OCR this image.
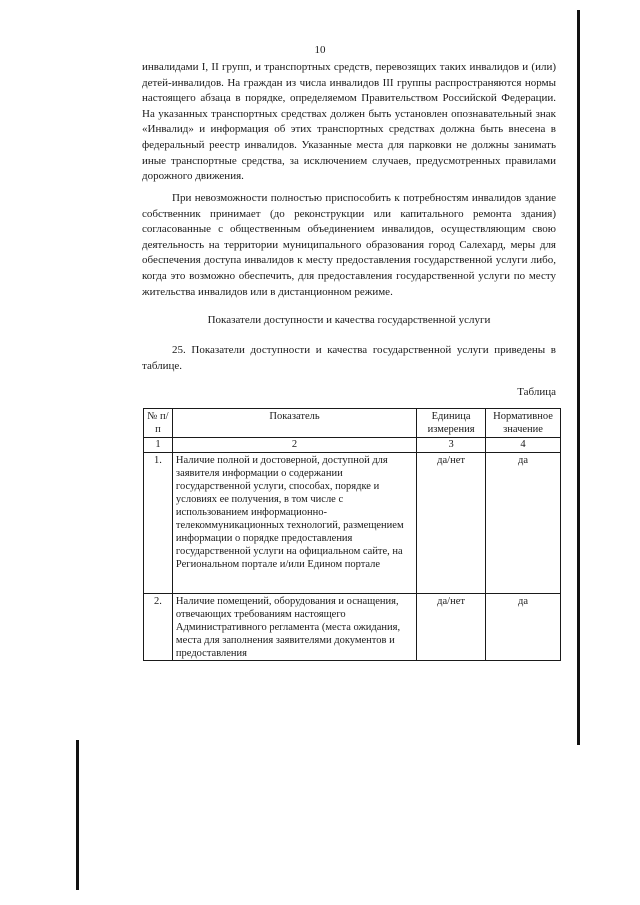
10

инвалидами I, II групп, и транспортных средств, перевозящих таких инвалидов и (или) детей-инвалидов. На граждан из числа инвалидов III группы распространяются нормы настоящего абзаца в порядке, определяемом Правительством Российской Федерации. На указанных транспортных средствах должен быть установлен опознавательный знак «Инвалид» и информация об этих транспортных средствах должна быть внесена в федеральный реестр инвалидов. Указанные места для парковки не должны занимать иные транспортные средства, за исключением случаев, предусмотренных правилами дорожного движения.

При невозможности полностью приспособить к потребностям инвалидов здание собственник принимает (до реконструкции или капитального ремонта здания) согласованные с общественным объединением инвалидов, осуществляющим свою деятельность на территории муниципального образования город Салехард, меры для обеспечения доступа инвалидов к месту предоставления государственной услуги либо, когда это возможно обеспечить, для предоставления государственной услуги по месту жительства инвалидов или в дистанционном режиме.

Показатели доступности и качества государственной услуги

25. Показатели доступности и качества государственной услуги приведены в таблице.

Таблица
№ п/п	Показатель	Единица измерения	Нормативное значение
1	2	3	4
1.	Наличие полной и достоверной, доступной для заявителя информации о содержании государственной услуги, способах, порядке и условиях ее получения, в том числе с использованием информационно-телекоммуникационных технологий, размещением информации о порядке предоставления государственной услуги на официальном сайте, на Региональном портале и/или Едином портале	да/нет	да
2.	Наличие помещений, оборудования и оснащения, отвечающих требованиям настоящего Административного регламента (места ожидания, места для заполнения заявителями документов и предоставления	да/нет	да
